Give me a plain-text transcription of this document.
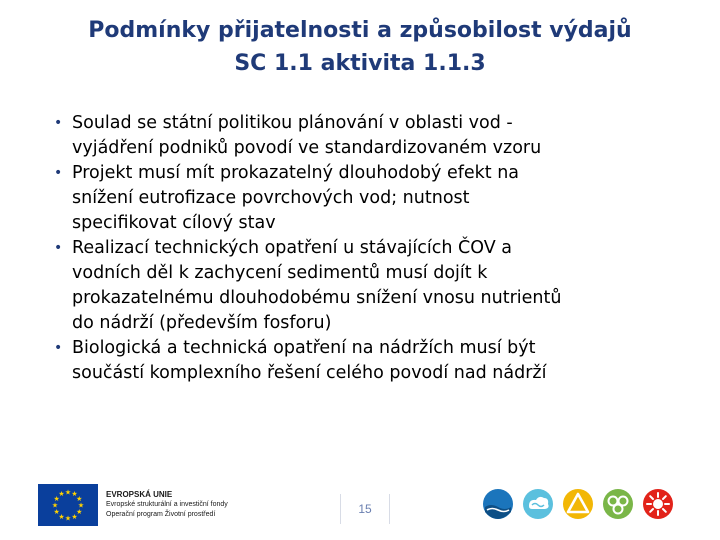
Podmínky přijatelnosti a způsobilost výdajů
SC 1.1 aktivita 1.1.3
• Soulad se státní politikou plánování v oblasti vod -
vyjádření podniků povodí ve standardizovaném vzoru
• Projekt musí mít prokazatelný dlouhodobý efekt na
snížení eutrofizace povrchových vod; nutnost
specifikovat cílový stav
• Realizací technických opatření u stávajících ČOV a
vodních děl k zachycení sedimentů musí dojít k
prokazatelnému dlouhodobému snížení vnosu nutrientů
do nádrží (především fosforu)
• Biologická a technická opatření na nádržích musí být
součástí komplexního řešení celého povodí nad nádrží
★ ★
★
★
★
★
★
★
★
★
★
★	EVROPSKÁ UNIE
Evropské strukturální a investiční fondy
Operační program Životní prostředí	15
